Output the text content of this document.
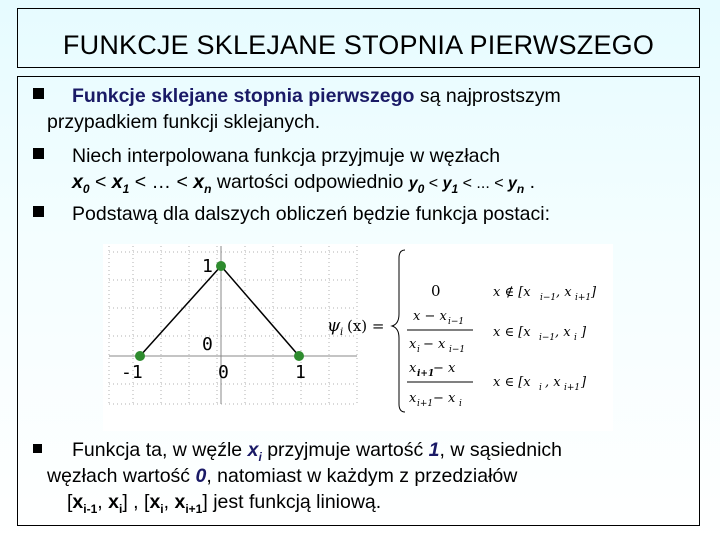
FUNKCJE SKLEJANE STOPNIA PIERWSZEGO
Funkcje sklejane stopnia pierwszego są najprostszym
przypadkiem funkcji sklejanych.
Niech interpolowana funkcja przyjmuje w węzłach
$x_0 < x_1$ < … < $x_n$ wartości odpowiednio $y_0 < y_1$ < ... < $y_n$ .
Podstawą dla dalszych obliczeń będzie funkcja postaci:
1
0
-1	0	1
ψ i (x) =
0	x ∉ [x i−1 , x i+1 ]
x − x i−1
x i − x i−1
x ∈ [x i−1 , x i ]
x i+1
− x
x i+1 − x i
x ∈ [x i , x i+1 ]
Funkcja ta, w węźle $x_i$ przyjmuje wartość 1, w sąsiednich
węzłach wartość 0, natomiast w każdym z przedziałów
[$x_{i-1}$, $x_i$] , [$x_i$, $x_{i+1}$] jest funkcją liniową.
